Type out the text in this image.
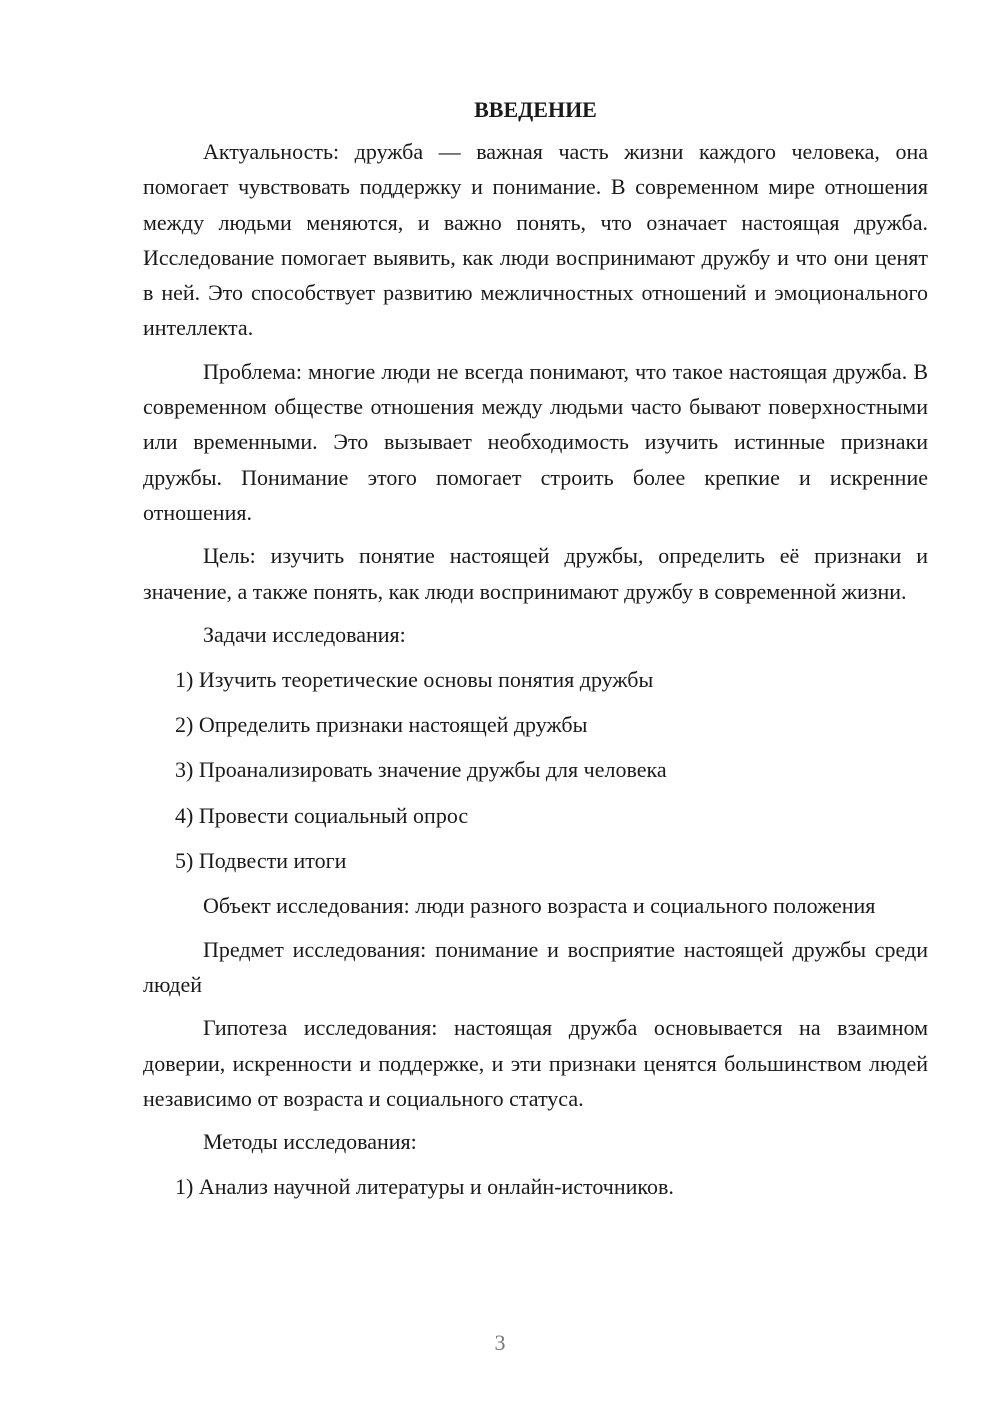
ВВЕДЕНИЕ

Актуальность: дружба — важная часть жизни каждого человека, она помогает чувствовать поддержку и понимание. В современном мире отношения между людьми меняются, и важно понять, что означает настоящая дружба. Исследование помогает выявить, как люди воспринимают дружбу и что они ценят в ней. Это способствует развитию межличностных отношений и эмоционального интеллекта.

Проблема: многие люди не всегда понимают, что такое настоящая дружба. В современном обществе отношения между людьми часто бывают поверхностными или временными. Это вызывает необходимость изучить истинные признаки дружбы. Понимание этого помогает строить более крепкие и искренние отношения.

Цель: изучить понятие настоящей дружбы, определить её признаки и значение, а также понять, как люди воспринимают дружбу в современной жизни.

Задачи исследования:

1) Изучить теоретические основы понятия дружбы

2) Определить признаки настоящей дружбы

3) Проанализировать значение дружбы для человека

4) Провести социальный опрос

5) Подвести итоги

Объект исследования: люди разного возраста и социального положения

Предмет исследования: понимание и восприятие настоящей дружбы среди людей

Гипотеза исследования: настоящая дружба основывается на взаимном доверии, искренности и поддержке, и эти признаки ценятся большинством людей независимо от возраста и социального статуса.

Методы исследования:

1) Анализ научной литературы и онлайн-источников.

3
